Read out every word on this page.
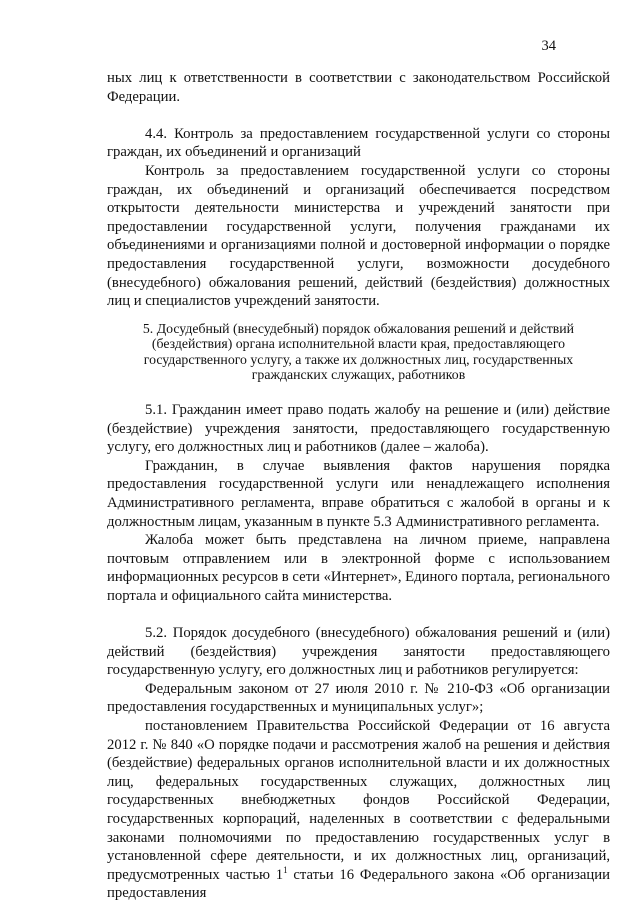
34

ных лиц к ответственности в соответствии с законодательством Российской Федерации.

4.4. Контроль за предоставлением государственной услуги со стороны граждан, их объединений и организаций

Контроль за предоставлением государственной услуги со стороны граждан, их объединений и организаций обеспечивается посредством открытости деятельности министерства и учреждений занятости при предоставлении государственной услуги, получения гражданами их объединениями и организациями полной и достоверной информации о порядке предоставления государственной услуги, возможности досудебного (внесудебного) обжалования решений, действий (бездействия) должностных лиц и специалистов учреждений занятости.

5. Досудебный (внесудебный) порядок обжалования решений и действий (бездействия) органа исполнительной власти края, предоставляющего государственного услугу, а также их должностных лиц, государственных гражданских служащих, работников

5.1. Гражданин имеет право подать жалобу на решение и (или) действие (бездействие) учреждения занятости, предоставляющего государственную услугу, его должностных лиц и работников (далее – жалоба).

Гражданин, в случае выявления фактов нарушения порядка предоставления государственной услуги или ненадлежащего исполнения Административного регламента, вправе обратиться с жалобой в органы и к должностным лицам, указанным в пункте 5.3 Административного регламента.

Жалоба может быть представлена на личном приеме, направлена почтовым отправлением или в электронной форме с использованием информационных ресурсов в сети «Интернет», Единого портала, регионального портала и официального сайта министерства.

5.2. Порядок досудебного (внесудебного) обжалования решений и (или) действий (бездействия) учреждения занятости предоставляющего государственную услугу, его должностных лиц и работников регулируется:

Федеральным законом от 27 июля 2010 г. № 210-ФЗ «Об организации предоставления государственных и муниципальных услуг»;

постановлением Правительства Российской Федерации от 16 августа 2012 г. № 840 «О порядке подачи и рассмотрения жалоб на решения и действия (бездействие) федеральных органов исполнительной власти и их должностных лиц, федеральных государственных служащих, должностных лиц государственных внебюджетных фондов Российской Федерации, государственных корпораций, наделенных в соответствии с федеральными законами полномочиями по предоставлению государственных услуг в установленной сфере деятельности, и их должностных лиц, организаций, предусмотренных частью $1^1$ статьи 16 Федерального закона «Об организации предоставления
